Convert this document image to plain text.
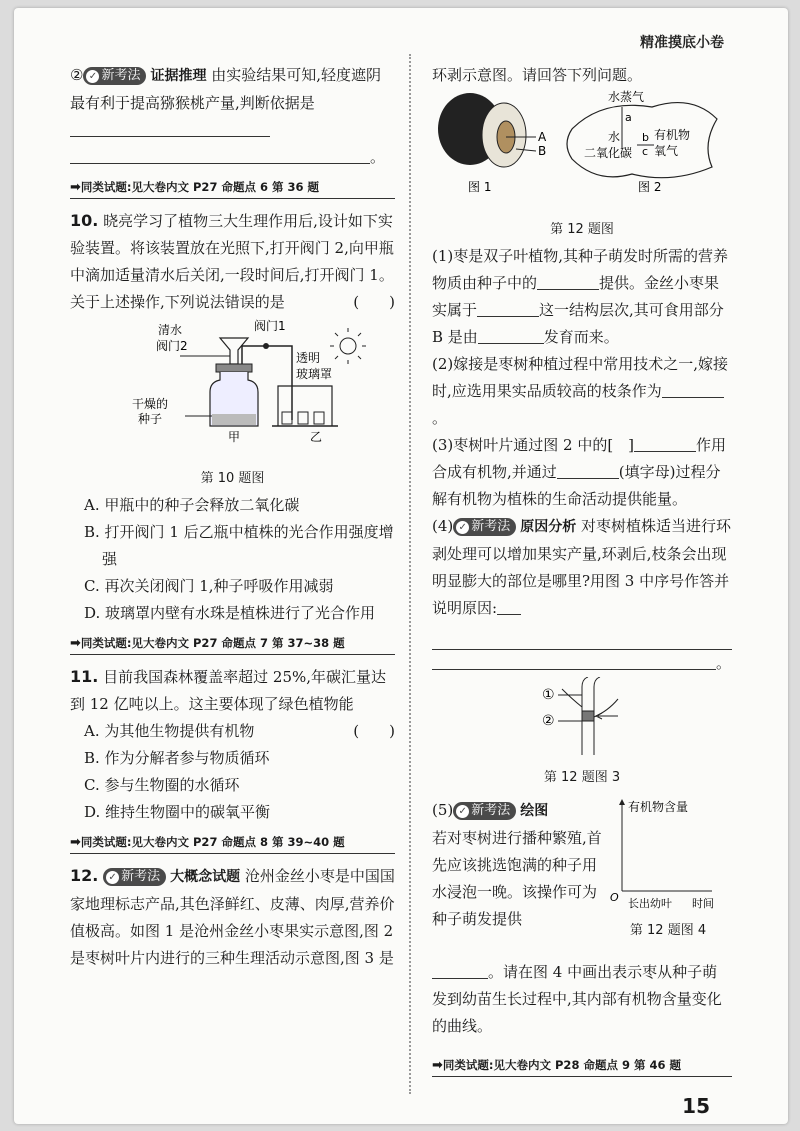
精准摸底小卷

② ✓ 新考法 证据推理 由实验结果可知,轻度遮阴最有利于提高猕猴桃产量,判断依据是

。

➡同类试题:见大卷内文 P27 命题点 6 第 36 题

10. 晓亮学习了植物三大生理作用后,设计如下实验装置。将该装置放在光照下,打开阀门 2,向甲瓶中滴加适量清水后关闭,一段时间后,打开阀门 1。关于上述操作,下列说法错误的是	(　　)

清水
阀门2
阀门1
透明
玻璃罩
干燥的
种子
甲	乙
第 10 题图

A. 甲瓶中的种子会释放二氧化碳

B. 打开阀门 1 后乙瓶中植株的光合作用强度增强

C. 再次关闭阀门 1,种子呼吸作用减弱

D. 玻璃罩内壁有水珠是植株进行了光合作用

➡同类试题:见大卷内文 P27 命题点 7 第 37~38 题

11. 目前我国森林覆盖率超过 25%,年碳汇量达到 12 亿吨以上。这主要体现了绿色植物能
(　　)

A. 为其他生物提供有机物

B. 作为分解者参与物质循环

C. 参与生物圈的水循环

D. 维持生物圈中的碳氧平衡

➡同类试题:见大卷内文 P27 命题点 8 第 39~40 题

12. ✓ 新考法 大概念试题 沧州金丝小枣是中国国家地理标志产品,其色泽鲜红、皮薄、肉厚,营养价值极高。如图 1 是沧州金丝小枣果实示意图,图 2 是枣树叶片内进行的三种生理活动示意图,图 3 是

环剥示意图。请回答下列问题。

A
B
图 1
水蒸气
a
水
二氧化碳
b
c
有机物
氧气
图 2
第 12 题图

(1)枣是双子叶植物,其种子萌发时所需的营养物质由种子中的	提供。金丝小枣果实属于	这一结构层次,其可食用部分 B 是由	发育而来。

(2)嫁接是枣树种植过程中常用技术之一,嫁接时,应选用果实品质较高的枝条作为。

(3)枣树叶片通过图 2 中的[　]	作用合成有机物,并通过	(填字母)过程分解有机物为植株的生命活动提供能量。

(4) ✓ 新考法 原因分析 对枣树植株适当进行环剥处理可以增加果实产量,环剥后,枝条会出现明显膨大的部位是哪里?用图 3 中序号作答并说明原因:

。

①
②
第 12 题图 3
(5) ✓ 新考法 绘图
若对枣树进行播种繁殖,首先应该挑选饱满的种子用水浸泡一晚。该操作可为种子萌发提供
有机物含量
O 长出幼叶 时间
第 12 题图 4
。请在图 4 中画出表示枣从种子萌发到幼苗生长过程中,其内部有机物含量变化的曲线。
➡同类试题:见大卷内文 P28 命题点 9 第 46 题
15
